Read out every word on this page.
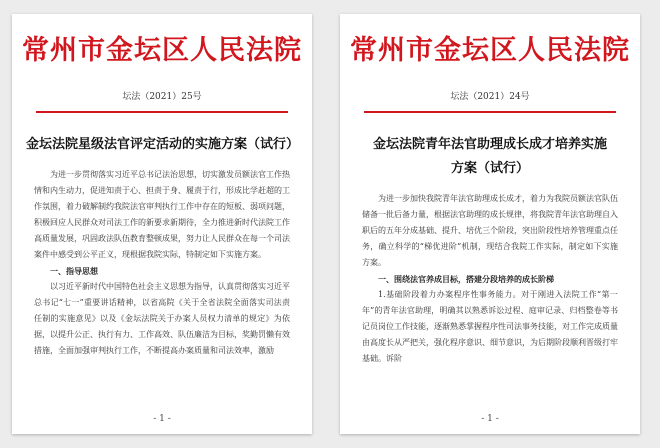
常州市金坛区人民法院
坛法（2021）25号
金坛法院星级法官评定活动的实施方案（试行）

为进一步贯彻落实习近平总书记法治思想，切实激发员额法官工作热情和内生动力，促进知责于心、担责于身、履责于行，形成比学赶超的工作氛围，着力破解制约我院法官审判执行工作中存在的短板、弱项问题，积极回应人民群众对司法工作的新要求新期待，全力推进新时代法院工作高质量发展，巩固政法队伍教育整顿成果，努力让人民群众在每一个司法案件中感受到公平正义，现根据我院实际，特制定如下实施方案。

一、指导思想

以习近平新时代中国特色社会主义思想为指导，认真贯彻落实习近平总书记“七一”重要讲话精神，以省高院《关于全省法院全面落实司法责任制的实施意见》以及《金坛法院关于办案人员权力清单的规定》为依据，以提升公正、执行有力、工作高效、队伍廉洁为目标，奖勤罚懒有效措施，全面加强审判执行工作，不断提高办案质量和司法效率，激励

- 1 -
常州市金坛区人民法院
坛法（2021）24号
金坛法院青年法官助理成长成才培养实施
方案（试行）

为进一步加快我院青年法官助理成长成才，着力为我院员额法官队伍储备一批后备力量，根据法官助理的成长规律，将我院青年法官助理自入职后的五年分成基础、提升、培优三个阶段，突出阶段性培养管理重点任务，确立科学的“梯优进阶”机制，现结合我院工作实际，制定如下实施方案。

一、围绕法官养成目标，搭建分段培养的成长阶梯

1.基础阶段着力办案程序性事务能力。对于刚进入法院工作“第一年”的青年法官助理，明确其以熟悉诉讼过程、庭审记录、归档整卷等书记员岗位工作技能，逐渐熟悉掌握程序性司法事务技能，对工作完成质量由高度长从严把关，强化程序意识、细节意识，为后期阶段顺利晋级打牢基础。诉阶

- 1 -
